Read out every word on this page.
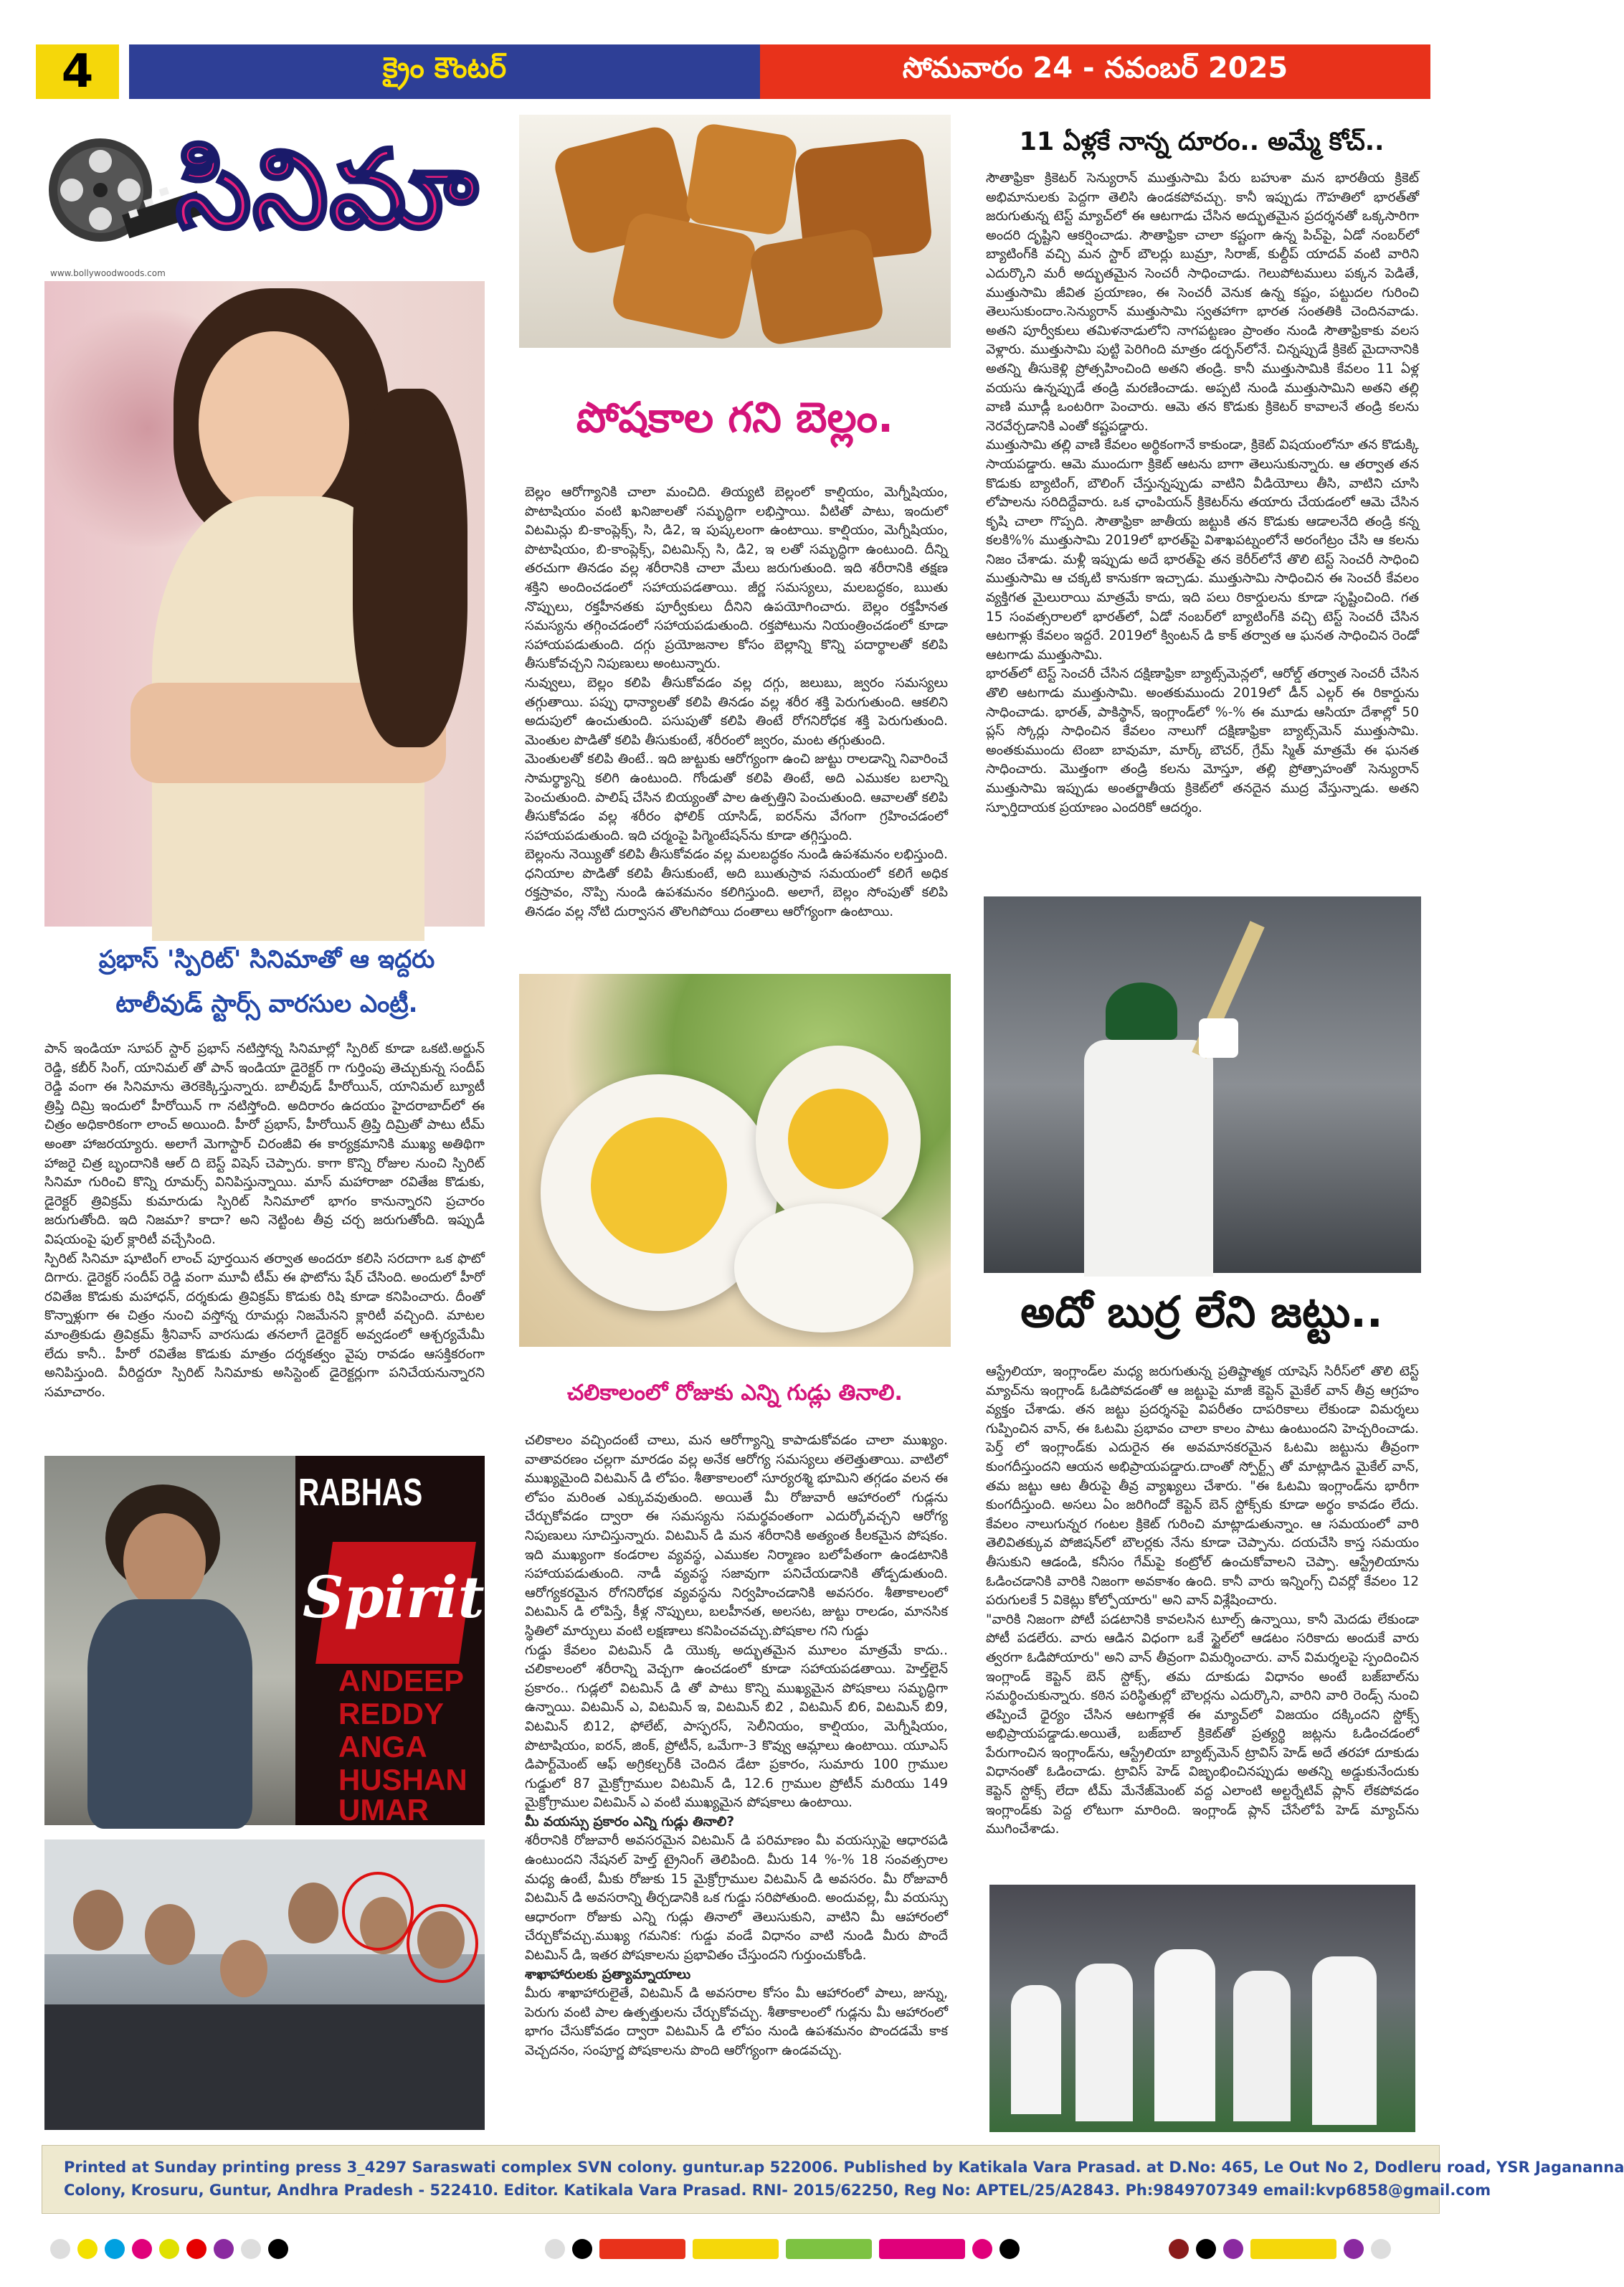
4	క్రైం కౌంటర్	సోమవారం 24 - నవంబర్ 2025
సినిమా
www.bollywoodwoods.com
ప్రభాస్ 'స్పిరిట్' సినిమాతో ఆ ఇద్దరు
టాలీవుడ్ స్టార్స్ వారసుల ఎంట్రీ.

పాన్ ఇండియా సూపర్ స్టార్ ప్రభాస్ నటిస్తోన్న సినిమాల్లో స్పిరిట్ కూడా ఒకటి.అర్జున్ రెడ్డి, కబీర్ సింగ్, యానిమల్ తో పాన్ ఇండియా డైరెక్టర్ గా గుర్తింపు తెచ్చుకున్న సందీప్ రెడ్డి వంగా ఈ సినిమాను తెరకెక్కిస్తున్నారు. బాలీవుడ్ హీరోయిన్, యానిమల్ బ్యూటీ త్రిప్తి దిమ్రి ఇందులో హీరోయిన్ గా నటిస్తోంది. అదిరారం ఉదయం హైదరాబాద్‌లో ఈ చిత్రం అధికారికంగా లాంచ్ అయింది. హీరో ప్రభాస్, హీరోయిన్ త్రిప్తి దిమ్రితో పాటు టీమ్ అంతా హాజరయ్యారు. అలాగే మెగాస్టార్ చిరంజీవి ఈ కార్యక్రమానికి ముఖ్య అతిథిగా హాజరై చిత్ర బృందానికి ఆల్ ది బెస్ట్ విషెస్ చెప్పారు. కాగా కొన్ని రోజుల నుంచి స్పిరిట్ సినిమా గురించి కొన్ని రూమర్స్ వినిపిస్తున్నాయి. మాస్ మహారాజా రవితేజ కొడుకు, డైరెక్టర్ త్రివిక్రమ్ కుమారుడు స్పిరిట్ సినిమాలో భాగం కానున్నారని ప్రచారం జరుగుతోంది. ఇది నిజమా? కాదా? అని నెట్టింట తీవ్ర చర్చ జరుగుతోంది. ఇప్పుడీ విషయంపై ఫుల్ క్లారిటీ వచ్చేసింది.

స్పిరిట్ సినిమా షూటింగ్ లాంచ్ పూర్తయిన తర్వాత అందరూ కలిసి సరదాగా ఒక ఫొటో దిగారు. డైరెక్టర్ సందీప్ రెడ్డి వంగా మూవీ టీమ్ ఈ ఫొటోను షేర్ చేసింది. అందులో హీరో రవితేజ కొడుకు మహాధన్, దర్శకుడు త్రివిక్రమ్ కొడుకు రిషి కూడా కనిపించారు. దీంతో కొన్నాళ్లుగా ఈ చిత్రం నుంచి వస్తోన్న రూమర్లు నిజమేనని క్లారిటీ వచ్చింది. మాటల మాంత్రికుడు త్రివిక్రమ్ శ్రీనివాస్ వారసుడు తనలాగే డైరెక్టర్ అవ్వడంలో ఆశ్చర్యమేమీ లేదు కానీ.. హీరో రవితేజ కొడుకు మాత్రం దర్శకత్వం వైపు రావడం ఆసక్తికరంగా అనిపిస్తుంది. వీరిద్దరూ స్పిరిట్ సినిమాకు అసిస్టెంట్ డైరెక్టర్లుగా పనిచేయనున్నారని సమాచారం.

RABHAS
Spirit
ANDEEP
REDDY
ANGA
HUSHAN
UMAR
పోషకాల గని బెల్లం.

బెల్లం ఆరోగ్యానికి చాలా మంచిది. తియ్యటి బెల్లంలో కాల్షియం, మెగ్నీషియం, పొటాషియం వంటి ఖనిజాలతో సమృద్ధిగా లభిస్తాయి. వీటితో పాటు, ఇందులో విటమిన్లు బి-కాంప్లెక్స్, సి, డి2, ఇ పుష్కలంగా ఉంటాయి. కాల్షియం, మెగ్నీషియం, పొటాషియం, బి-కాంప్లెక్స్, విటమిన్స్ సి, డి2, ఇ లతో సమృద్ధిగా ఉంటుంది. దీన్ని తరచుగా తినడం వల్ల శరీరానికి చాలా మేలు జరుగుతుంది. ఇది శరీరానికి తక్షణ శక్తిని అందించడంలో సహాయపడతాయి. జీర్ణ సమస్యలు, మలబద్ధకం, ఋతు నొప్పులు, రక్తహీనతకు పూర్వీకులు దీనిని ఉపయోగించారు. బెల్లం రక్తహీనత సమస్యను తగ్గించడంలో సహాయపడుతుంది. రక్తపోటును నియంత్రించడంలో కూడా సహాయపడుతుంది. దగ్గు ప్రయోజనాల కోసం బెల్లాన్ని కొన్ని పదార్థాలతో కలిపి తీసుకోవచ్చని నిపుణులు అంటున్నారు.

నువ్వులు, బెల్లం కలిపి తీసుకోవడం వల్ల దగ్గు, జలుబు, జ్వరం సమస్యలు తగ్గుతాయి. పప్పు ధాన్యాలతో కలిపి తినడం వల్ల శరీర శక్తి పెరుగుతుంది. ఆకలిని అదుపులో ఉంచుతుంది. పసుపుతో కలిపి తింటే రోగనిరోధక శక్తి పెరుగుతుంది. మెంతుల పొడితో కలిపి తీసుకుంటే, శరీరంలో జ్వరం, మంట తగ్గుతుంది.

మెంతులతో కలిపి తింటే.. ఇది జుట్టుకు ఆరోగ్యంగా ఉంచి జుట్టు రాలడాన్ని నివారించే సామర్థ్యాన్ని కలిగి ఉంటుంది. గోండుతో కలిపి తింటే, అది ఎముకల బలాన్ని పెంచుతుంది. పాలిష్ చేసిన బియ్యంతో పాల ఉత్పత్తిని పెంచుతుంది. ఆవాలతో కలిపి తీసుకోవడం వల్ల శరీరం ఫోలిక్ యాసిడ్, ఐరన్‌ను వేగంగా గ్రహించడంలో సహాయపడుతుంది. ఇది చర్మంపై పిగ్మెంటేషన్‌ను కూడా తగ్గిస్తుంది.

బెల్లంను నెయ్యితో కలిపి తీసుకోవడం వల్ల మలబద్ధకం నుండి ఉపశమనం లభిస్తుంది. ధనియాల పొడితో కలిపి తీసుకుంటే, అది ఋతుస్రావ సమయంలో కలిగే అధిక రక్తస్రావం, నొప్పి నుండి ఉపశమనం కలిగిస్తుంది. అలాగే, బెల్లం సోంపుతో కలిపి తినడం వల్ల నోటి దుర్వాసన తొలగిపోయి దంతాలు ఆరోగ్యంగా ఉంటాయి.

చలికాలంలో రోజుకు ఎన్ని గుడ్లు తినాలి.

చలికాలం వచ్చిందంటే చాలు, మన ఆరోగ్యాన్ని కాపాడుకోవడం చాలా ముఖ్యం. వాతావరణం చల్లగా మారడం వల్ల అనేక ఆరోగ్య సమస్యలు తలెత్తుతాయి. వాటిలో ముఖ్యమైంది విటమిన్ డి లోపం. శీతాకాలంలో సూర్యరశ్మి భూమిని తగ్గడం వలన ఈ లోపం మరింత ఎక్కువవుతుంది. అయితే మీ రోజువారీ ఆహారంలో గుడ్లను చేర్చుకోవడం ద్వారా ఈ సమస్యను సమర్థవంతంగా ఎదుర్కోవచ్చని ఆరోగ్య నిపుణులు సూచిస్తున్నారు. విటమిన్ డి మన శరీరానికి అత్యంత కీలకమైన పోషకం. ఇది ముఖ్యంగా కండరాల వ్యవస్థ, ఎముకల నిర్మాణం బలోపేతంగా ఉండటానికి సహాయపడుతుంది. నాడీ వ్యవస్థ సజావుగా పనిచేయడానికి తోడ్పడుతుంది. ఆరోగ్యకరమైన రోగనిరోధక వ్యవస్థను నిర్వహించడానికి అవసరం. శీతాకాలంలో విటమిన్ డి లోపిస్తే, కీళ్ల నొప్పులు, బలహీనత, అలసట, జుట్టు రాలడం, మానసిక స్థితిలో మార్పులు వంటి లక్షణాలు కనిపించవచ్చు.పోషకాల గని గుడ్డు

గుడ్డు కేవలం విటమిన్ డి యొక్క అద్భుతమైన మూలం మాత్రమే కాదు.. చలికాలంలో శరీరాన్ని వెచ్చగా ఉంచడంలో కూడా సహాయపడతాయి. హెల్త్‌లైన్ ప్రకారం.. గుడ్లలో విటమిన్ డి తో పాటు కొన్ని ముఖ్యమైన పోషకాలు సమృద్ధిగా ఉన్నాయి. విటమిన్ ఎ, విటమిన్ ఇ, విటమిన్ బి2 , విటమిన్ బి6, విటమిన్ బి9, విటమిన్ బి12, ఫోలేట్, పాస్ఫరస్, సెలీనియం, కాల్షియం, మెగ్నీషియం, పొటాషియం, ఐరన్, జింక్, ప్రోటీన్, ఒమేగా-3 కొవ్వు ఆమ్లాలు ఉంటాయి. యూఎస్ డిపార్ట్‌మెంట్ ఆఫ్ అగ్రికల్చర్‌కి చెందిన డేటా ప్రకారం, సుమారు 100 గ్రాముల గుడ్డులో 87 మైక్రోగ్రాముల విటమిన్ డి, 12.6 గ్రాముల ప్రోటీన్ మరియు 149 మైక్రోగ్రాముల విటమిన్ ఎ వంటి ముఖ్యమైన పోషకాలు ఉంటాయి.

మీ వయస్సు ప్రకారం ఎన్ని గుడ్లు తినాలి?

శరీరానికి రోజువారీ అవసరమైన విటమిన్ డి పరిమాణం మీ వయస్సుపై ఆధారపడి ఉంటుందని నేషనల్ హెల్త్ ట్రైనింగ్ తెలిపింది. మీరు 14 %-% 18 సంవత్సరాల మధ్య ఉంటే, మీకు రోజుకు 15 మైక్రోగ్రాముల విటమిన్ డి అవసరం. మీ రోజువారీ విటమిన్ డి అవసరాన్ని తీర్చడానికి ఒక గుడ్డు సరిపోతుంది. అందువల్ల, మీ వయస్సు ఆధారంగా రోజుకు ఎన్ని గుడ్లు తినాలో తెలుసుకుని, వాటిని మీ ఆహారంలో చేర్చుకోవచ్చు.ముఖ్య గమనిక: గుడ్డు వండే విధానం వాటి నుండి మీరు పొందే విటమిన్ డి, ఇతర పోషకాలను ప్రభావితం చేస్తుందని గుర్తుంచుకోండి.

శాఖాహారులకు ప్రత్యామ్నాయాలు

మీరు శాఖాహారులైతే, విటమిన్ డి అవసరాల కోసం మీ ఆహారంలో పాలు, జున్ను, పెరుగు వంటి పాల ఉత్పత్తులను చేర్చుకోవచ్చు. శీతాకాలంలో గుడ్లను మీ ఆహారంలో భాగం చేసుకోవడం ద్వారా విటమిన్ డి లోపం నుండి ఉపశమనం పొందడమే కాక వెచ్చదనం, సంపూర్ణ పోషకాలను పొంది ఆరోగ్యంగా ఉండవచ్చు.

11 ఏళ్లకే నాన్న దూరం.. అమ్మే కోచ్..

సౌతాఫ్రికా క్రికెటర్ సెన్యురాన్ ముత్తుసామి పేరు బహుశా మన భారతీయ క్రికెట్ అభిమానులకు పెద్దగా తెలిసి ఉండకపోవచ్చు. కానీ ఇప్పుడు గౌహతిలో భారత్‌తో జరుగుతున్న టెస్ట్ మ్యాచ్‌లో ఈ ఆటగాడు చేసిన అద్భుతమైన ప్రదర్శనతో ఒక్కసారిగా అందరి దృష్టిని ఆకర్షించాడు. సౌతాఫ్రికా చాలా కష్టంగా ఉన్న పిచ్‌పై, ఏడో నంబర్‌లో బ్యాటింగ్‌కి వచ్చి మన స్టార్ బౌలర్లు బుమ్రా, సిరాజ్, కుల్దీప్ యాదవ్ వంటి వారిని ఎదుర్కొని మరీ అద్భుతమైన సెంచరీ సాధించాడు. గెలుపోటములు పక్కన పెడితే, ముత్తుసామి జీవిత ప్రయాణం, ఈ సెంచరీ వెనుక ఉన్న కష్టం, పట్టుదల గురించి తెలుసుకుందాం.సెన్యురాన్ ముత్తుసామి స్వతహాగా భారత సంతతికి చెందినవాడు. అతని పూర్వీకులు తమిళనాడులోని నాగపట్టణం ప్రాంతం నుండి సౌతాఫ్రికాకు వలస వెళ్లారు. ముత్తుసామి పుట్టి పెరిగింది మాత్రం డర్బన్‌లోనే. చిన్నప్పుడే క్రికెట్ మైదానానికి అతన్ని తీసుకెళ్లి ప్రోత్సహించింది అతని తండ్రి. కానీ ముత్తుసామికి కేవలం 11 ఏళ్ల వయసు ఉన్నప్పుడే తండ్రి మరణించాడు. అప్పటి నుండి ముత్తుసామిని అతని తల్లి వాణి మూడ్లీ ఒంటరిగా పెంచారు. ఆమె తన కొడుకు క్రికెటర్ కావాలనే తండ్రి కలను నెరవేర్చడానికి ఎంతో కష్టపడ్డారు.

ముత్తుసామి తల్లి వాణి కేవలం అర్థికంగానే కాకుండా, క్రికెట్ విషయంలోనూ తన కొడుక్కి సాయపడ్డారు. ఆమె ముందుగా క్రికెట్ ఆటను బాగా తెలుసుకున్నారు. ఆ తర్వాత తన కొడుకు బ్యాటింగ్, బౌలింగ్ చేస్తున్నప్పుడు వాటిని వీడియోలు తీసి, వాటిని చూసి లోపాలను సరిదిద్దేవారు. ఒక ఛాంపియన్ క్రికెటర్‌ను తయారు చేయడంలో ఆమె చేసిన కృషి చాలా గొప్పది. సౌతాఫ్రికా జాతీయ జట్టుకి తన కొడుకు ఆడాలనేది తండ్రి కన్న కలకి%% ముత్తుసామి 2019లో భారత్‌పై విశాఖపట్నంలోనే అరంగేట్రం చేసి ఆ కలను నిజం చేశాడు. మళ్లీ ఇప్పుడు అదే భారత్‌పై తన కెరీర్‌లోనే తొలి టెస్ట్ సెంచరీ సాధించి ముత్తుసామి ఆ చక్కటి కానుకగా ఇచ్చాడు. ముత్తుసామి సాధించిన ఈ సెంచరీ కేవలం వ్యక్తిగత మైలురాయి మాత్రమే కాదు, ఇది పలు రికార్డులను కూడా సృష్టించింది. గత 15 సంవత్సరాలలో భారత్‌లో, ఏడో నంబర్‌లో బ్యాటింగ్‌కి వచ్చి టెస్ట్ సెంచరీ చేసిన ఆటగాళ్లు కేవలం ఇద్దరే. 2019లో క్వింటన్ డి కాక్ తర్వాత ఆ ఘనత సాధించిన రెండో ఆటగాడు ముత్తుసామి.

భారత్‌లో టెస్ట్ సెంచరీ చేసిన దక్షిణాఫ్రికా బ్యాట్స్‌మెన్లలో, ఆరోల్డ్ తర్వాత సెంచరీ చేసిన తొలి ఆటగాడు ముత్తుసామి. అంతకుముందు 2019లో డీన్ ఎల్గర్ ఈ రికార్డును సాధించాడు. భారత్, పాకిస్థాన్, ఇంగ్లాండ్‌లో %-% ఈ మూడు ఆసియా దేశాల్లో 50 ప్లస్ స్కోర్లు సాధించిన కేవలం నాలుగో దక్షిణాఫ్రికా బ్యాట్స్‌మెన్ ముత్తుసామి. అంతకుముందు టెంబా బావుమా, మార్క్ బౌచర్, గ్రేమ్ స్మిత్ మాత్రమే ఈ ఘనత సాధించారు. మొత్తంగా తండ్రి కలను మోస్తూ, తల్లి ప్రోత్సాహంతో సెన్యురాన్ ముత్తుసామి ఇప్పుడు అంతర్జాతీయ క్రికెట్‌లో తనదైన ముద్ర వేస్తున్నాడు. అతని స్ఫూర్తిదాయక ప్రయాణం ఎందరికో ఆదర్శం.

అదో బుర్ర లేని జట్టు..

ఆస్ట్రేలియా, ఇంగ్లాండ్‌ల మధ్య జరుగుతున్న ప్రతిష్టాత్మక యాషెస్ సిరీస్‌లో తొలి టెస్ట్ మ్యాచ్‌ను ఇంగ్లాండ్ ఓడిపోవడంతో ఆ జట్టుపై మాజీ కెప్టెన్ మైకేల్ వాన్ తీవ్ర ఆగ్రహం వ్యక్తం చేశాడు. తన జట్టు ప్రదర్శనపై విపరీతం దాపరికాలు లేకుండా విమర్శలు గుప్పించిన వాన్, ఈ ఓటమి ప్రభావం చాలా కాలం పాటు ఉంటుందని హెచ్చరించాడు. పెర్త్ లో ఇంగ్లాండ్‌కు ఎదురైన ఈ అవమానకరమైన ఓటమి జట్టును తీవ్రంగా కుంగదీస్తుందని ఆయన అభిప్రాయపడ్డారు.దాంతో స్పోర్ట్స్ తో మాట్లాడిన మైకేల్ వాన్, తమ జట్టు ఆట తీరుపై తీవ్ర వ్యాఖ్యలు చేశారు. "ఈ ఓటమి ఇంగ్లాండ్‌ను భారీగా కుంగదీస్తుంది. అసలు ఏం జరిగిందో కెప్టెన్ బెన్ స్టోక్స్‌కు కూడా అర్థం కావడం లేదు. కేవలం నాలుగున్నర గంటల క్రికెట్ గురించి మాట్లాడుతున్నాం. ఆ సమయంలో వారి తెలివితక్కువ పోజిషన్‌లో బౌలర్లకు నేను కూడా చెప్పాను. దయచేసి కాస్త సమయం తీసుకుని ఆడండి, కనీసం గేమ్‌పై కంట్రోల్ ఉంచుకోవాలని చెప్పా. ఆస్ట్రేలియాను ఓడించడానికి వారికి నిజంగా అవకాశం ఉంది. కానీ వారు ఇన్నింగ్స్ చివర్లో కేవలం 12 పరుగులకే 5 వికెట్లు కోల్పోయారు" అని వాన్ విశ్లేషించారు.

"వారికి నిజంగా పోటీ పడటానికి కావలసిన టూల్స్ ఉన్నాయి, కానీ మెదడు లేకుండా పోటీ పడలేరు. వారు ఆడిన విధంగా ఒకే స్టైల్‌లో ఆడటం సరికాదు అందుకే వారు త్వరగా ఓడిపోయారు" అని వాన్ తీవ్రంగా విమర్శించారు. వాన్ విమర్శలపై స్పందించిన ఇంగ్లాండ్ కెప్టెన్ బెన్ స్టోక్స్, తమ దూకుడు విధానం అంటే బజ్‌బాల్‌ను సమర్థించుకున్నారు. కఠిన పరిస్థితుల్లో బౌలర్లను ఎదుర్కొని, వారిని వారి రెండ్స్ నుంచి తప్పించే ధైర్యం చేసిన ఆటగాళ్లకే ఈ మ్యాచ్‌లో విజయం దక్కిందని స్టోక్స్ అభిప్రాయపడ్డాడు.అయితే, బజ్‌బాల్ క్రికెట్‌తో ప్రత్యర్థి జట్లను ఓడించడంలో పేరుగాంచిన ఇంగ్లాండ్‌ను, ఆస్ట్రేలియా బ్యాట్స్‌మెన్ ట్రావిస్ హెడ్ అదే తరహా దూకుడు విధానంతో ఓడించాడు. ట్రావిస్ హెడ్ విజృంభించినప్పుడు అతన్ని అడ్డుకునేందుకు కెప్టెన్ స్టోక్స్ లేదా టీమ్ మేనేజ్‌మెంట్ వద్ద ఎలాంటి అల్టర్నేటివ్ ప్లాన్ లేకపోవడం ఇంగ్లాండ్‌కు పెద్ద లోటుగా మారింది. ఇంగ్లాండ్ ప్లాన్ చేసేలోపే హెడ్ మ్యాచ్‌ను ముగించేశాడు.

Printed at Sunday printing press 3_4297 Saraswati complex SVN colony. guntur.ap 522006. Published by Katikala Vara Prasad. at D.No: 465, Le Out No 2, Dodleru road, YSR Jagananna
Colony, Krosuru, Guntur, Andhra Pradesh - 522410. Editor. Katikala Vara Prasad. RNI- 2015/62250, Reg No: APTEL/25/A2843. Ph:9849707349 email:kvp6858@gmail.com
